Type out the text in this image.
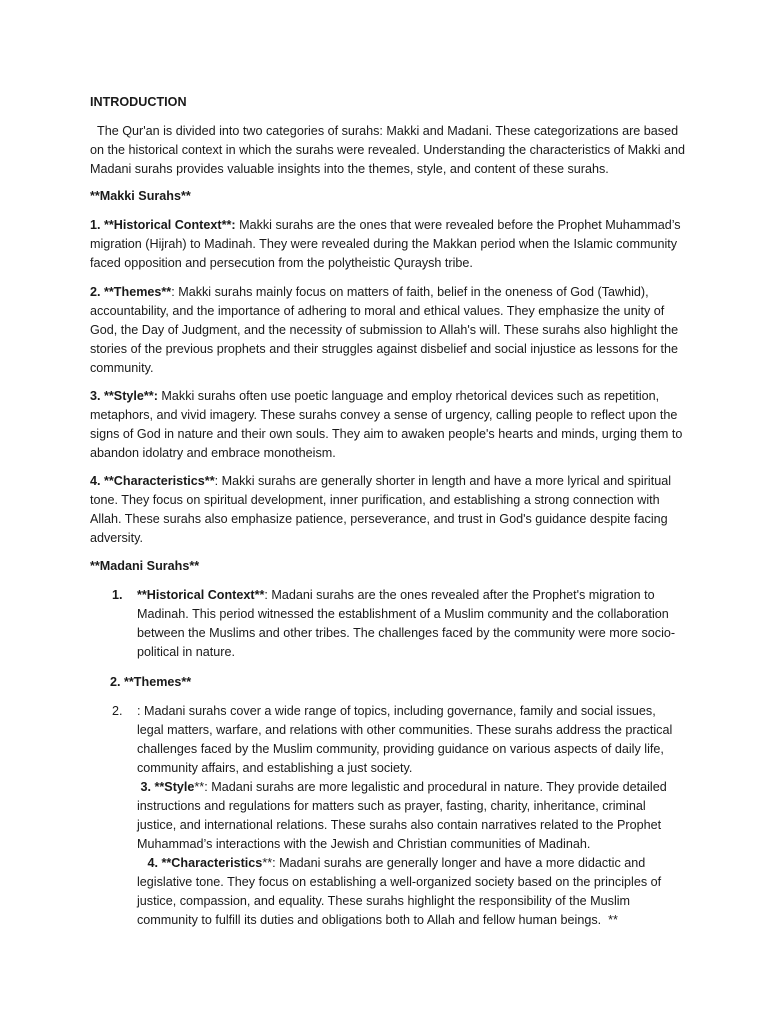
INTRODUCTION

The Qur'an is divided into two categories of surahs: Makki and Madani. These categorizations are based on the historical context in which the surahs were revealed. Understanding the characteristics of Makki and Madani surahs provides valuable insights into the themes, style, and content of these surahs.

**Makki Surahs**

1. **Historical Context**: Makki surahs are the ones that were revealed before the Prophet Muhammad’s migration (Hijrah) to Madinah. They were revealed during the Makkan period when the Islamic community faced opposition and persecution from the polytheistic Quraysh tribe.

2. **Themes**: Makki surahs mainly focus on matters of faith, belief in the oneness of God (Tawhid), accountability, and the importance of adhering to moral and ethical values. They emphasize the unity of God, the Day of Judgment, and the necessity of submission to Allah's will. These surahs also highlight the stories of the previous prophets and their struggles against disbelief and social injustice as lessons for the community.

3. **Style**: Makki surahs often use poetic language and employ rhetorical devices such as repetition, metaphors, and vivid imagery. These surahs convey a sense of urgency, calling people to reflect upon the signs of God in nature and their own souls. They aim to awaken people's hearts and minds, urging them to abandon idolatry and embrace monotheism.

4. **Characteristics**: Makki surahs are generally shorter in length and have a more lyrical and spiritual tone. They focus on spiritual development, inner purification, and establishing a strong connection with Allah. These surahs also emphasize patience, perseverance, and trust in God's guidance despite facing adversity.

**Madani Surahs**

1. **Historical Context**: Madani surahs are the ones revealed after the Prophet's migration to Madinah. This period witnessed the establishment of a Muslim community and the collaboration between the Muslims and other tribes. The challenges faced by the community were more socio-political in nature.

2. **Themes**
2. : Madani surahs cover a wide range of topics, including governance, family and social issues, legal matters, warfare, and relations with other communities. These surahs address the practical challenges faced by the Muslim community, providing guidance on various aspects of daily life, community affairs, and establishing a just society.

3. **Style**: Madani surahs are more legalistic and procedural in nature. They provide detailed instructions and regulations for matters such as prayer, fasting, charity, inheritance, criminal justice, and international relations. These surahs also contain narratives related to the Prophet Muhammad’s interactions with the Jewish and Christian communities of Madinah.

4. **Characteristics**: Madani surahs are generally longer and have a more didactic and legislative tone. They focus on establishing a well-organized society based on the principles of justice, compassion, and equality. These surahs highlight the responsibility of the Muslim community to fulfill its duties and obligations both to Allah and fellow human beings.  **
